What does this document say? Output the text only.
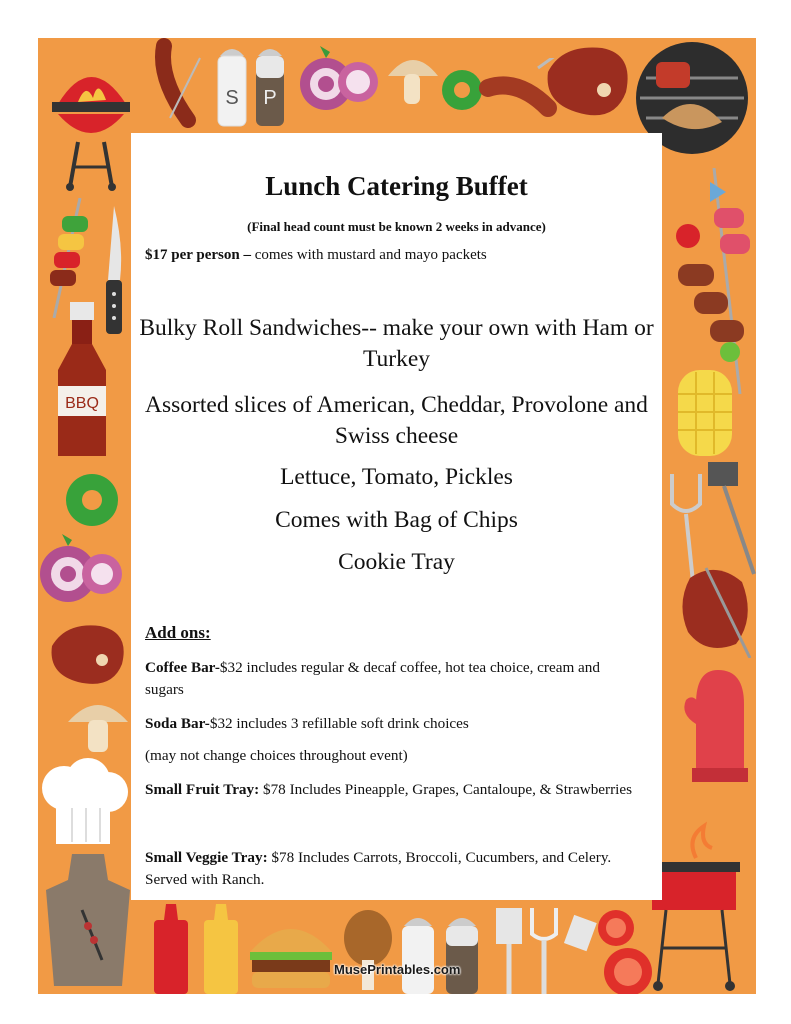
S P
BBQ
Lunch Catering Buffet
(Final head count must be known 2 weeks in advance)
$17 per person – comes with mustard and mayo packets
Bulky Roll Sandwiches-- make your own with Ham or Turkey
Assorted slices of American, Cheddar, Provolone and Swiss cheese
Lettuce, Tomato, Pickles
Comes with Bag of Chips
Cookie Tray
Add ons:
Coffee Bar-$32 includes regular & decaf coffee, hot tea choice, cream and sugars
Soda Bar-$32 includes 3 refillable soft drink choices
(may not change choices throughout event)
Small Fruit Tray: $78 Includes Pineapple, Grapes, Cantaloupe, & Strawberries
Small Veggie Tray: $78 Includes Carrots, Broccoli, Cucumbers, and Celery. Served with Ranch.
MusePrintables.com
